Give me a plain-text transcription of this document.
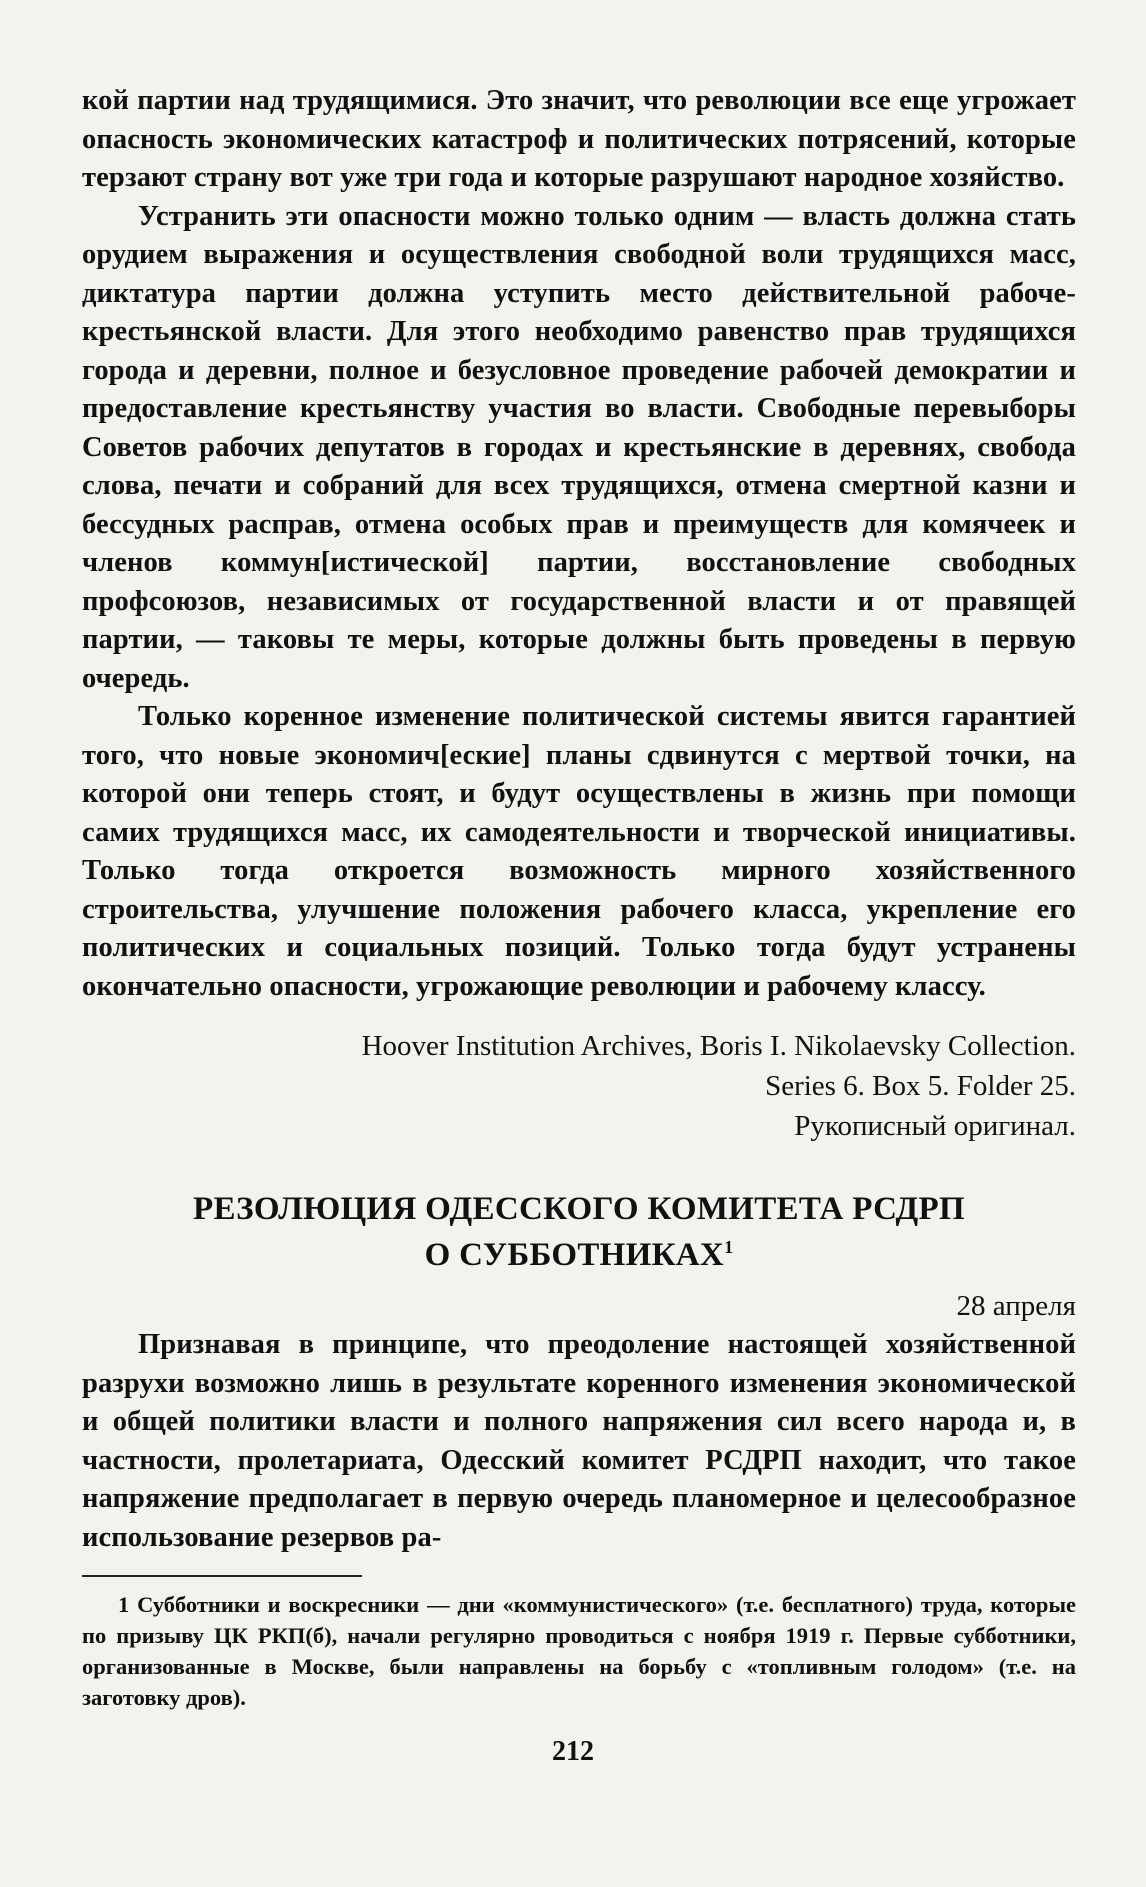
кой партии над трудящимися. Это значит, что революции все еще угрожает опасность экономических катастроф и политических потрясений, которые терзают страну вот уже три года и которые разрушают народное хозяйство.

Устранить эти опасности можно только одним — власть должна стать орудием выражения и осуществления свободной воли трудящихся масс, диктатура партии должна уступить место действительной рабоче-крестьянской власти. Для этого необходимо равенство прав трудящихся города и деревни, полное и безусловное проведение рабочей демократии и предоставление крестьянству участия во власти. Свободные перевыборы Советов рабочих депутатов в городах и крестьянские в деревнях, свобода слова, печати и собраний для всех трудящихся, отмена смертной казни и бессудных расправ, отмена особых прав и преимуществ для комячеек и членов коммун[истической] партии, восстановление свободных профсоюзов, независимых от государственной власти и от правящей партии, — таковы те меры, которые должны быть проведены в первую очередь.

Только коренное изменение политической системы явится гарантией того, что новые экономич[еские] планы сдвинутся с мертвой точки, на которой они теперь стоят, и будут осуществлены в жизнь при помощи самих трудящихся масс, их самодеятельности и творческой инициативы. Только тогда откроется возможность мирного хозяйственного строительства, улучшение положения рабочего класса, укрепление его политических и социальных позиций. Только тогда будут устранены окончательно опасности, угрожающие революции и рабочему классу.

Hoover Institution Archives, Boris I. Nikolaevsky Collection.
Series 6. Box 5. Folder 25.
Рукописный оригинал.
РЕЗОЛЮЦИЯ ОДЕССКОГО КОМИТЕТА РСДРП
О СУББОТНИКАХ$^1$
28 апреля

Признавая в принципе, что преодоление настоящей хозяйственной разрухи возможно лишь в результате коренного изменения экономической и общей политики власти и полного напряжения сил всего народа и, в частности, пролетариата, Одесский комитет РСДРП находит, что такое напряжение предполагает в первую очередь планомерное и целесообразное использование резервов ра-

1 Субботники и воскресники — дни «коммунистического» (т.е. бесплатного) труда, которые по призыву ЦК РКП(б), начали регулярно проводиться с ноября 1919 г. Первые субботники, организованные в Москве, были направлены на борьбу с «топливным голодом» (т.е. на заготовку дров).

212
